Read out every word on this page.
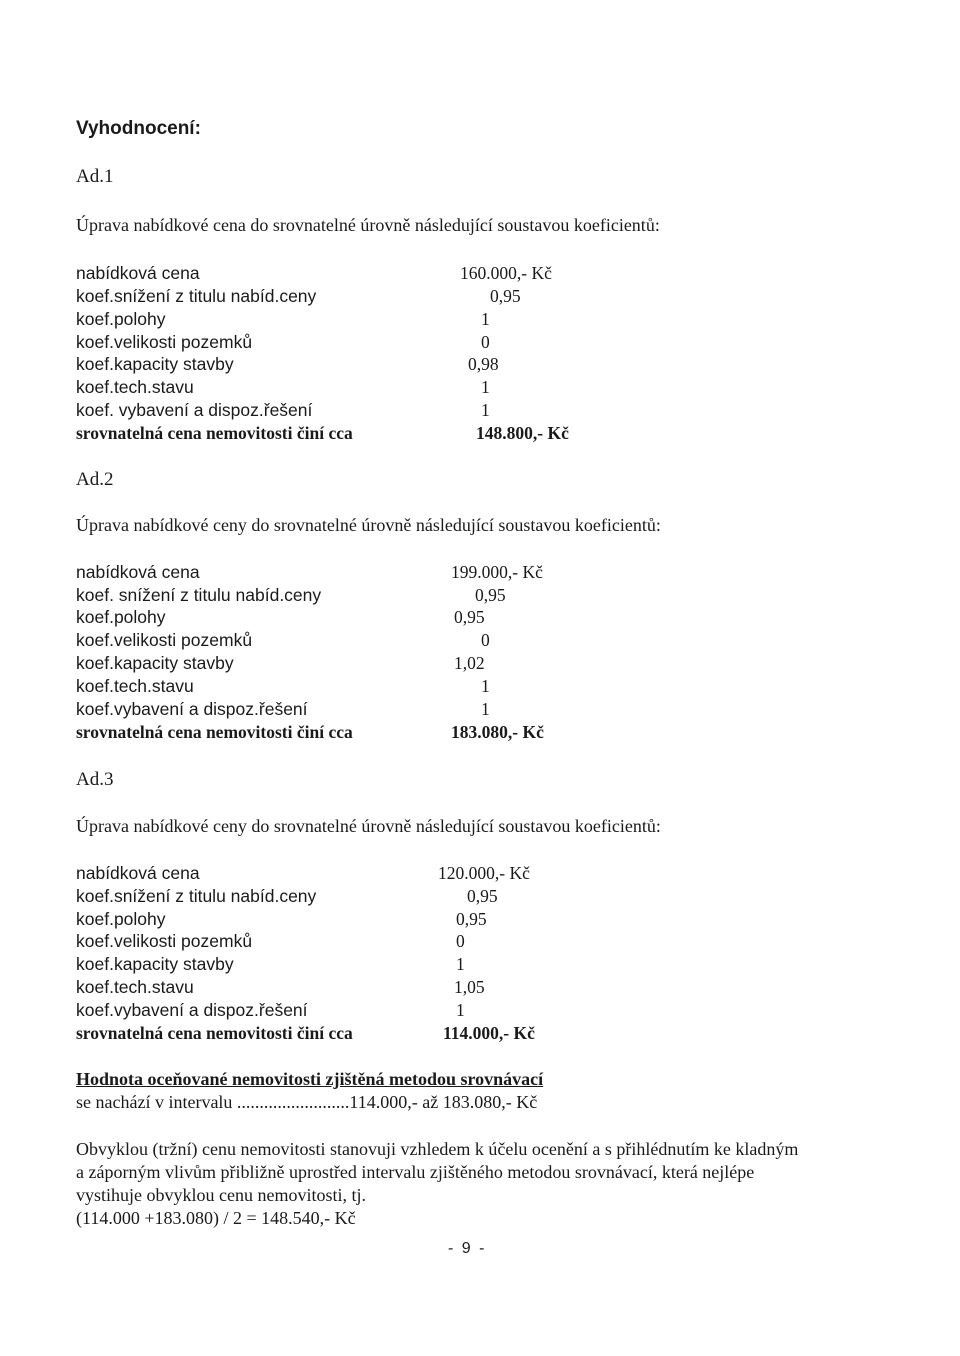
Vyhodnocení:
Ad.1
Úprava nabídkové cena do srovnatelné úrovně následující soustavou koeficientů:
nabídková cena	160.000,- Kč
koef.snížení z titulu nabíd.ceny	0,95
koef.polohy	1
koef.velikosti pozemků	0
koef.kapacity stavby	0,98
koef.tech.stavu	1
koef. vybavení a dispoz.řešení	1
srovnatelná cena nemovitosti činí cca	148.800,- Kč
Ad.2
Úprava nabídkové ceny do srovnatelné úrovně následující soustavou koeficientů:
nabídková cena	199.000,- Kč
koef. snížení z titulu nabíd.ceny	0,95
koef.polohy	0,95
koef.velikosti pozemků	0
koef.kapacity stavby	1,02
koef.tech.stavu	1
koef.vybavení a dispoz.řešení	1
srovnatelná cena nemovitosti činí cca	183.080,- Kč
Ad.3
Úprava nabídkové ceny do srovnatelné úrovně následující soustavou koeficientů:
nabídková cena	120.000,- Kč
koef.snížení z titulu nabíd.ceny	0,95
koef.polohy	0,95
koef.velikosti pozemků	0
koef.kapacity stavby	1
koef.tech.stavu	1,05
koef.vybavení a dispoz.řešení	1
srovnatelná cena nemovitosti činí cca	114.000,- Kč
Hodnota oceňované nemovitosti zjištěná metodou srovnávací
se nachází v intervalu .........................114.000,- až 183.080,- Kč
Obvyklou (tržní) cenu nemovitosti stanovuji vzhledem k účelu ocenění a s přihlédnutím ke kladným
a záporným vlivům přibližně uprostřed intervalu zjištěného metodou srovnávací, která nejlépe
vystihuje obvyklou cenu nemovitosti, tj.
(114.000 +183.080) / 2 = 148.540,- Kč
- 9 -
